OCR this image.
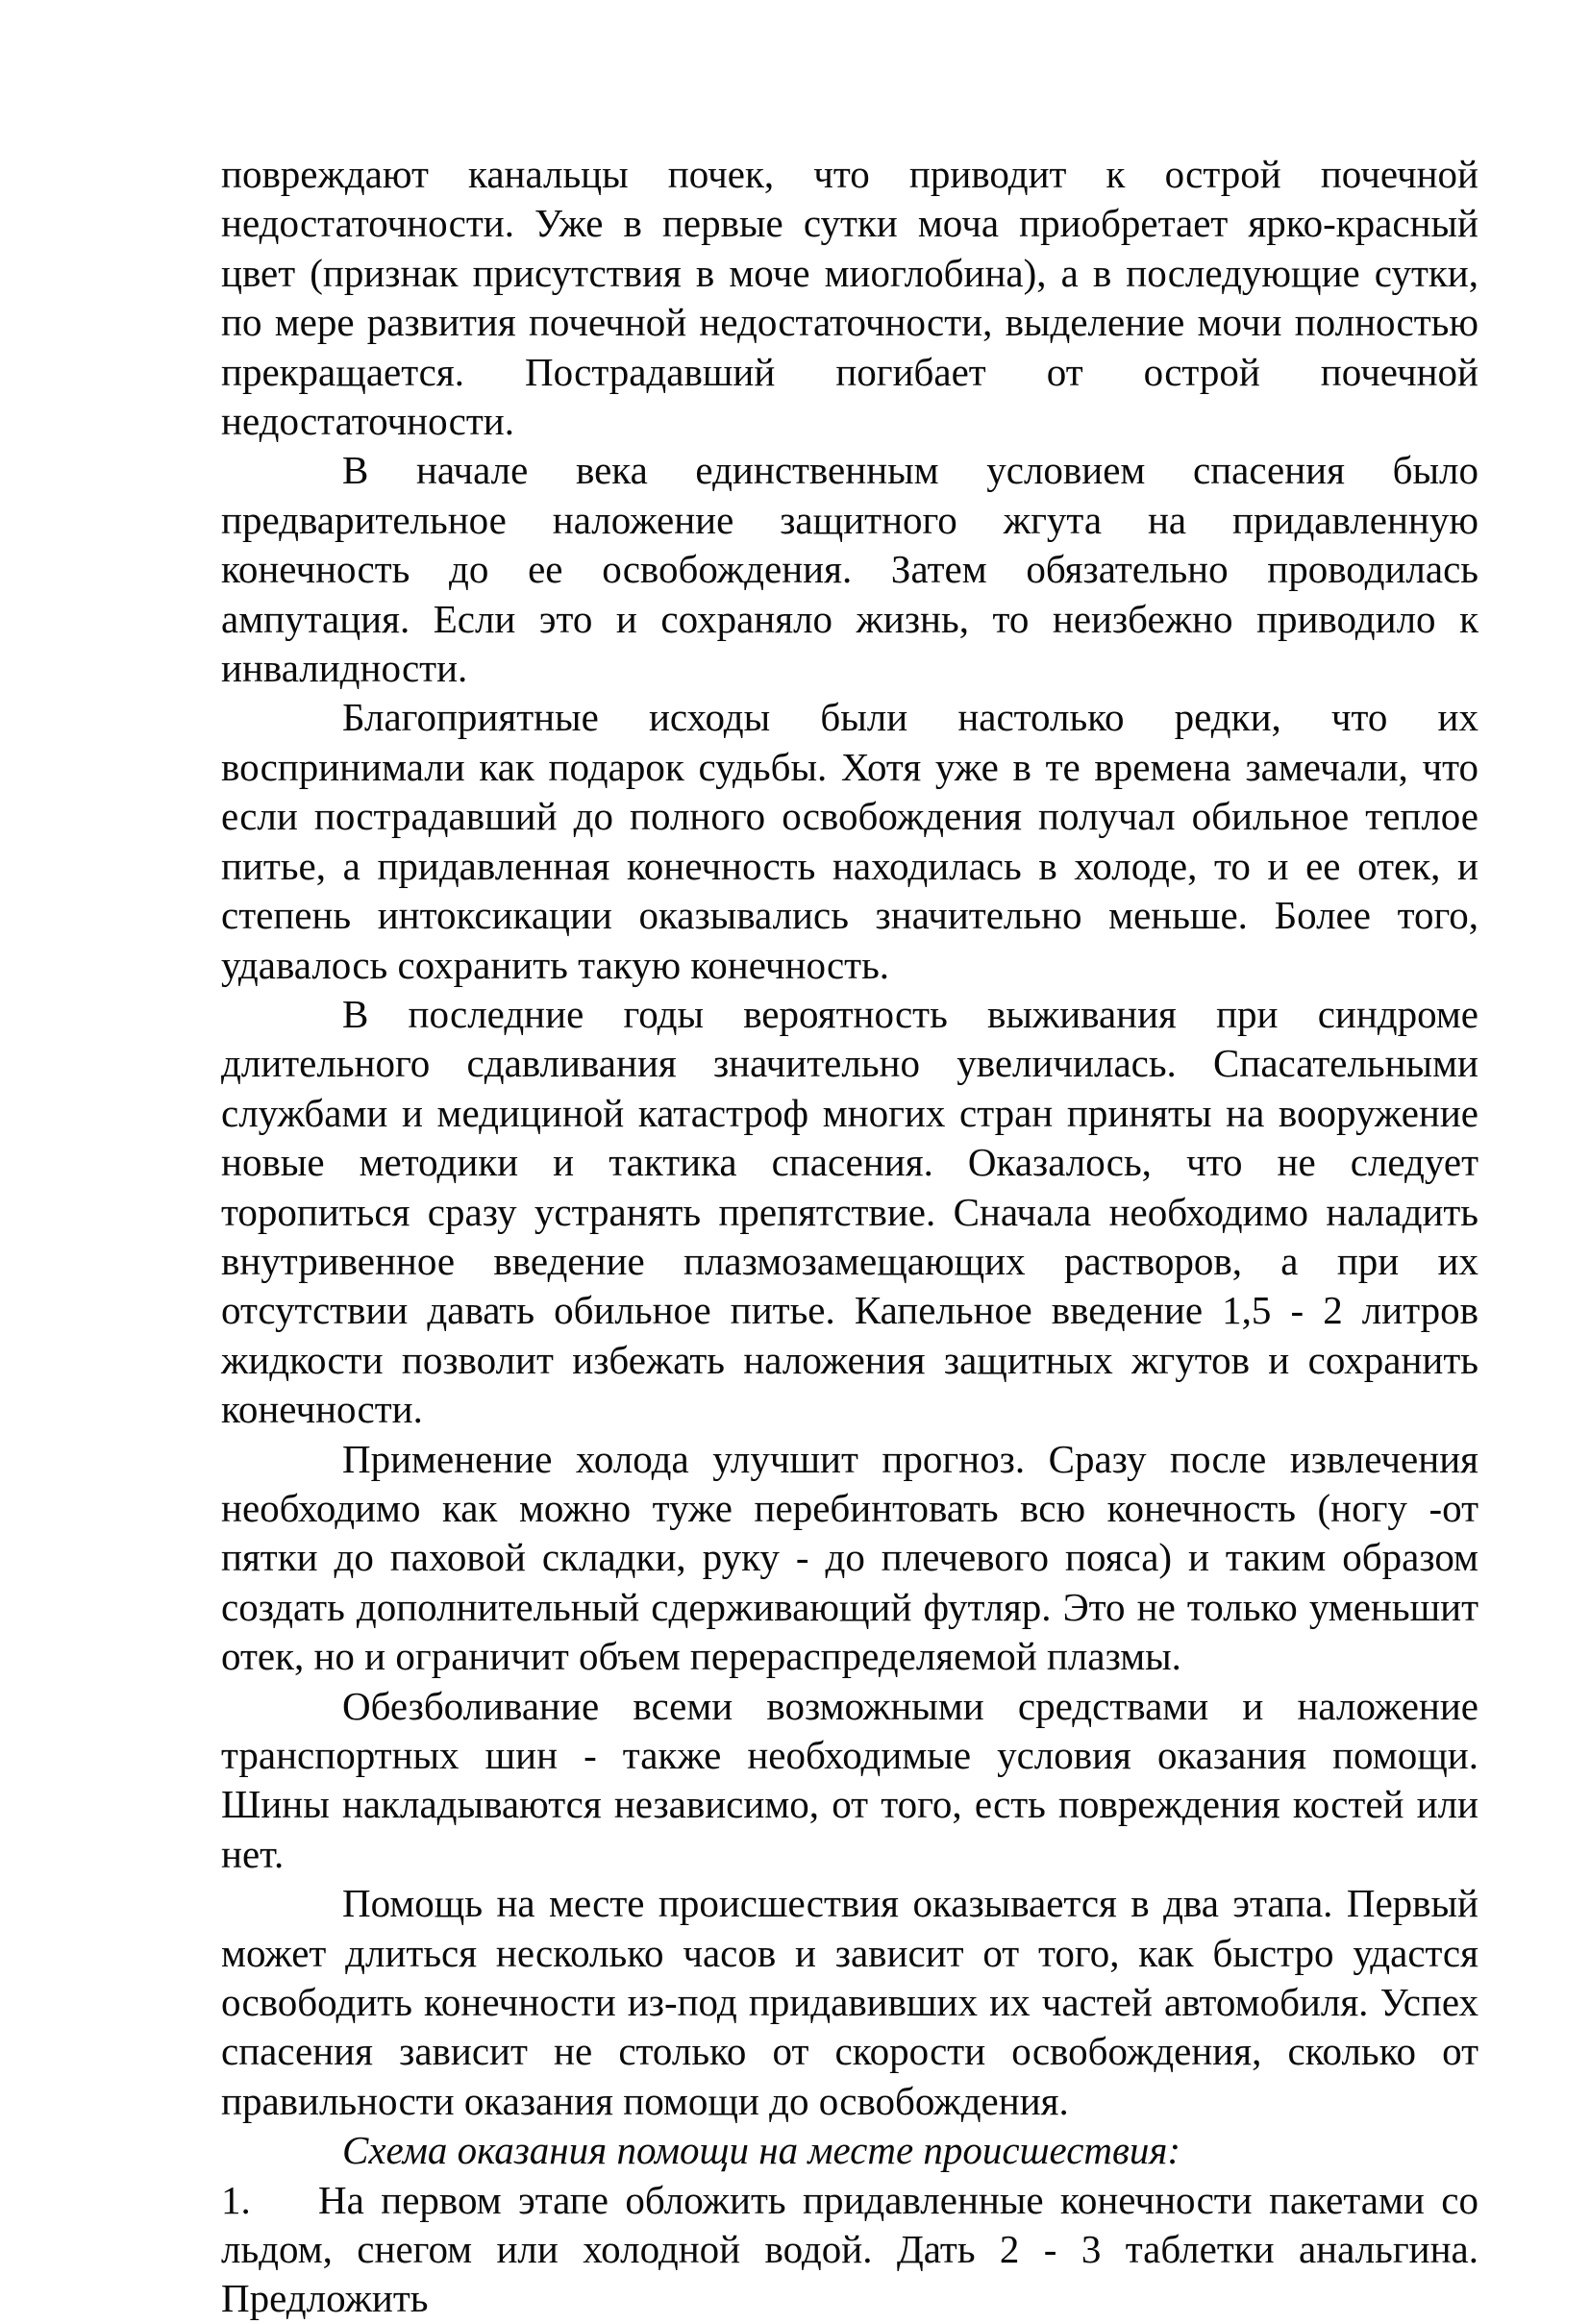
повреждают канальцы почек, что приводит к острой почечной недостаточности. Уже в первые сутки моча приобретает ярко-красный цвет (признак присутствия в моче миоглобина), а в последующие сутки, по мере развития почечной недостаточности, выделение мочи полностью прекращается. Пострадавший погибает от острой почечной недостаточности.

В начале века единственным условием спасения было предварительное наложение защитного жгута на придавленную конечность до ее освобождения. Затем обязательно проводилась ампутация. Если это и сохраняло жизнь, то неизбежно приводило к инвалидности.

Благоприятные исходы были настолько редки, что их воспринимали как подарок судьбы. Хотя уже в те времена замечали, что если пострадавший до полного освобождения получал обильное теплое питье, а придавленная конечность находилась в холоде, то и ее отек, и степень интоксикации оказывались значительно меньше. Более того, удавалось сохранить такую конечность.

В последние годы вероятность выживания при синдроме длительного сдавливания значительно увеличилась. Спасательными службами и медициной катастроф многих стран приняты на вооружение новые методики и тактика спасения. Оказалось, что не следует торопиться сразу устранять препятствие. Сначала необходимо наладить внутривенное введение плазмозамещающих растворов, а при их отсутствии давать обильное питье. Капельное введение 1,5 - 2 литров жидкости позволит избежать наложения защитных жгутов и сохранить конечности.

Применение холода улучшит прогноз. Сразу после извлечения необходимо как можно туже перебинтовать всю конечность (ногу -от пятки до паховой складки, руку - до плечевого пояса) и таким образом создать дополнительный сдерживающий футляр. Это не только уменьшит отек, но и ограничит объем перераспределяемой плазмы.

Обезболивание всеми возможными средствами и наложение транспортных шин - также необходимые условия оказания помощи. Шины накладываются независимо, от того, есть повреждения костей или нет.

Помощь на месте происшествия оказывается в два этапа. Первый может длиться несколько часов и зависит от того, как быстро удастся освободить конечности из-под придавивших их частей автомобиля. Успех спасения зависит не столько от скорости освобождения, сколько от правильности оказания помощи до освобождения.

Схема оказания помощи на месте происшествия:

1. На первом этапе обложить придавленные конечности пакетами со льдом, снегом или холодной водой. Дать 2 - 3 таблетки анальгина. Предложить
